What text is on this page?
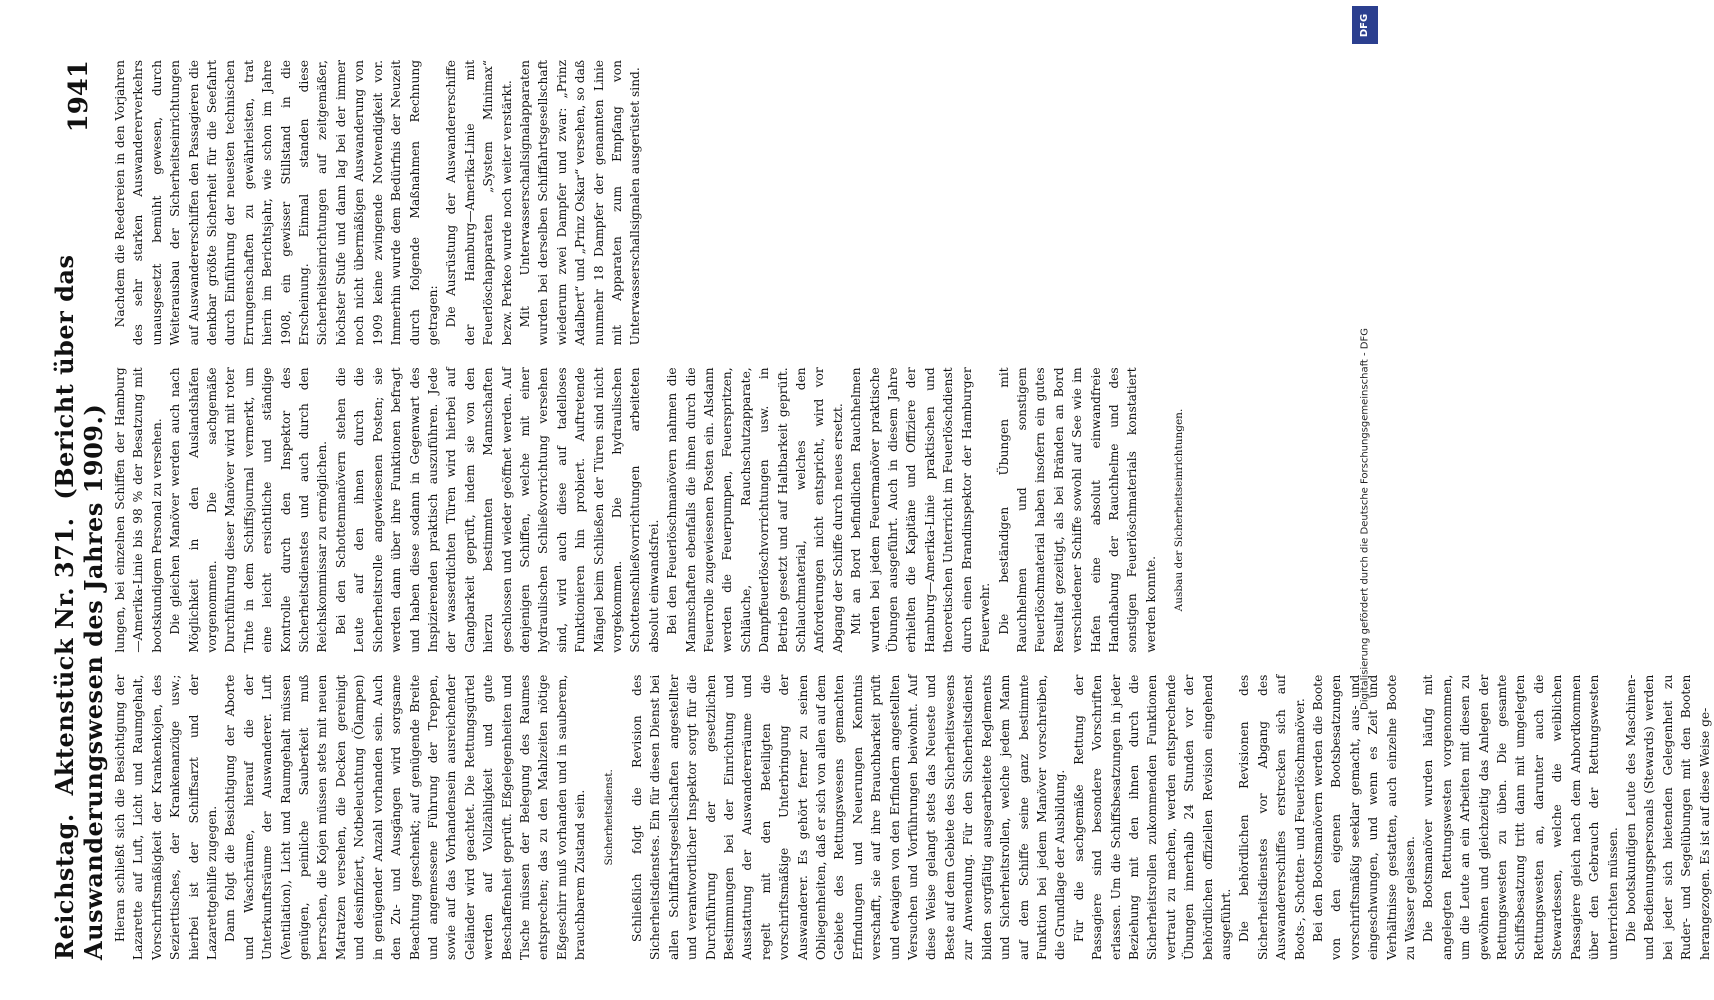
Reichstag.Aktenstück Nr. 371.(Bericht über das Auswanderungswesen des Jahres 1909.)
1941

Hieran schließt sich die Besichtigung der Lazarette auf Luft, Licht und Raumgehalt, Vorschriftsmäßigkeit der Krankenkojen, des Sezierttisches, der Krankenanzüge usw.; hierbei ist der Schiffsarzt und der Lazarettgehilfe zugegen. Dann folgt die Besichtigung der Aborte und Waschräume, hierauf die der Unterkunftsräume der Auswanderer. Luft (Ventilation), Licht und Raumgehalt müssen genügen, peinliche Sauberkeit muß herrschen, die Kojen müssen stets mit neuen Matratzen versehen, die Decken gereinigt und desinfiziert, Notbeleuchtung (Ölampen) in genügender Anzahl vorhanden sein. Auch den Zu- und Ausgängen wird sorgsame Beachtung geschenkt; auf genügende Breite und angemessene Führung der Treppen, sowie auf das Vorhandensein ausreichender Geländer wird geachtet. Die Rettungsgürtel werden auf Vollzähligkeit und gute Beschaffenheit geprüft. Eßgelegenheiten und Tische müssen der Belegung des Raumes entsprechen; das zu den Mahlzeiten nötige Eßgeschirr muß vorhanden und in sauberem, brauchbarem Zustand sein. Sicherheitsdienst. Schließlich folgt die Revision des Sicherheitsdienstes. Ein für diesen Dienst bei allen Schiffahrtsgesellschaften angestellter und verantwortlicher Inspektor sorgt für die Durchführung der gesetzlichen Bestimmungen bei der Einrichtung und Ausstattung der Auswandererräume und regelt mit den Beteiligten die vorschriftsmäßige Unterbringung der Auswanderer. Es gehört ferner zu seinen Obliegenheiten, daß er sich von allen auf dem Gebiete des Rettungswesens gemachten Erfindungen und Neuerungen Kenntnis verschafft, sie auf ihre Brauchbarkeit prüft und etwaigen von den Erfindern angestellten Versuchen und Vorführungen beiwohnt. Auf diese Weise gelangt stets das Neueste und Beste auf dem Gebiete des Sicherheitswesens zur Anwendung. Für den Sicherheitsdienst bilden sorgfältig ausgearbeitete Reglements und Sicherheitsrollen, welche jedem Mann auf dem Schiffe seine ganz bestimmte Funktion bei jedem Manöver vorschreiben, die Grundlage der Ausbildung. Für die sachgemäße Rettung der Passagiere sind besondere Vorschriften erlassen. Um die Schiffsbesatzungen in jeder Beziehung mit den ihnen durch die Sicherheitsrollen zukommenden Funktionen vertraut zu machen, werden entsprechende Übungen innerhalb 24 Stunden vor der behördlichen offiziellen Revision eingehend ausgeführt. Die behördlichen Revisionen des Sicherheitsdienstes vor Abgang des Auswandererschiffes erstrecken sich auf Boots-, Schotten- und Feuerlöschmanöver. Bei den Bootsmanövern werden die Boote von den eigenen Bootsbesatzungen vorschriftsmäßig seeklar gemacht, aus- und eingeschwungen, und wenn es Zeit und Verhältnisse gestatten, auch einzelne Boote zu Wasser gelassen. Die Bootsmanöver wurden häufig mit angelegten Rettungswesten vorgenommen, um die Leute an ein Arbeiten mit diesen zu gewöhnen und gleichzeitig das Anlegen der Rettungswesten zu üben. Die gesamte Schiffsbesatzung tritt dann mit umgelegten Rettungswesten an, darunter auch die Stewardessen, welche die weiblichen Passagiere gleich nach dem Anbordkommen über den Gebrauch der Rettungswesten unterrichten müssen. Die bootskundigen Leute des Maschinen- und Bedienungspersonals (Stewards) werden bei jeder sich bietenden Gelegenheit zu Ruder- und Segelübungen mit den Booten herangezogen. Es ist auf diese Weise ge-

lungen, bei einzelnen Schiffen der Hamburg—Amerika-Linie bis 98 % der Besatzung mit bootskundigem Personal zu versehen. Die gleichen Manöver werden auch nach Möglichkeit in den Auslandshäfen vorgenommen. Die sachgemäße Durchführung dieser Manöver wird mit roter Tinte in dem Schiffsjournal vermerkt, um eine leicht ersichtliche und ständige Kontrolle durch den Inspektor des Sicherheitsdienstes und auch durch den Reichskommissar zu ermöglichen. Bei den Schottenmanövern stehen die Leute auf den ihnen durch die Sicherheitsrolle angewiesenen Posten; sie werden dann über ihre Funktionen befragt und haben diese sodann in Gegenwart des Inspizierenden praktisch auszuführen. Jede der wasserdichten Türen wird hierbei auf Gangbarkeit geprüft, indem sie von den hierzu bestimmten Mannschaften geschlossen und wieder geöffnet werden. Auf denjenigen Schiffen, welche mit einer hydraulischen Schließvorrichtung versehen sind, wird auch diese auf tadelloses Funktionieren hin probiert. Auftretende Mängel beim Schließen der Türen sind nicht vorgekommen. Die hydraulischen Schottenschließvorrichtungen arbeiteten absolut einwandsfrei. Bei den Feuerlöschmanövern nahmen die Mannschaften ebenfalls die ihnen durch die Feuerrolle zugewiesenen Posten ein. Alsdann werden die Feuerpumpen, Feuerspritzen, Schläuche, Rauchschutzapparate, Dampffeuerlöschvorrichtungen usw. in Betrieb gesetzt und auf Haltbarkeit geprüft. Schlauchmaterial, welches den Anforderungen nicht entspricht, wird vor Abgang der Schiffe durch neues ersetzt. Mit an Bord befindlichen Rauchhelmen wurden bei jedem Feuermanöver praktische Übungen ausgeführt. Auch in diesem Jahre erhielten die Kapitäne und Offiziere der Hamburg—Amerika-Linie praktischen und theoretischen Unterricht im Feuerlöschdienst durch einen Brandinspektor der Hamburger Feuerwehr. Die beständigen Übungen mit Rauchhelmen und sonstigem Feuerlöschmaterial haben insofern ein gutes Resultat gezeitigt, als bei Bränden an Bord verschiedener Schiffe sowohl auf See wie im Hafen eine absolut einwandfreie Handhabung der Rauchhelme und des sonstigen Feuerlöschmaterials konstatiert werden konnte. Ausbau der Sicherheitseinrichtungen.

Nachdem die Reedereien in den Vorjahren des sehr starken Auswandererverkehrs unausgesetzt bemüht gewesen, durch Weiterausbau der Sicherheitseinrichtungen auf Auswandererschiffen den Passagieren die denkbar größte Sicherheit für die Seefahrt durch Einführung der neuesten technischen Errungenschaften zu gewährleisten, trat hierin im Berichtsjahr, wie schon im Jahre 1908, ein gewisser Stillstand in die Erscheinung. Einmal standen diese Sicherheitseinrichtungen auf zeitgemäßer, höchster Stufe und dann lag bei der immer noch nicht übermäßigen Auswanderung von 1909 keine zwingende Notwendigkeit vor. Immerhin wurde dem Bedürfnis der Neuzeit durch folgende Maßnahmen Rechnung getragen: Die Ausrüstung der Auswandererschiffe der Hamburg—Amerika-Linie mit Feuerlöschapparaten „System Minimax“ bezw. Perkeo wurde noch weiter verstärkt. Mit Unterwasserschallsignalapparaten wurden bei derselben Schiffahrtsgesellschaft wiederum zwei Dampfer und zwar: „Prinz Adalbert“ und „Prinz Oskar“ versehen, so daß nunmehr 18 Dampfer der genannten Linie mit Apparaten zum Empfang von Unterwasserschallsignalen ausgerüstet sind.

DFG
Digitalisierung gefördert durch die Deutsche Forschungsgemeinschaft - DFG
